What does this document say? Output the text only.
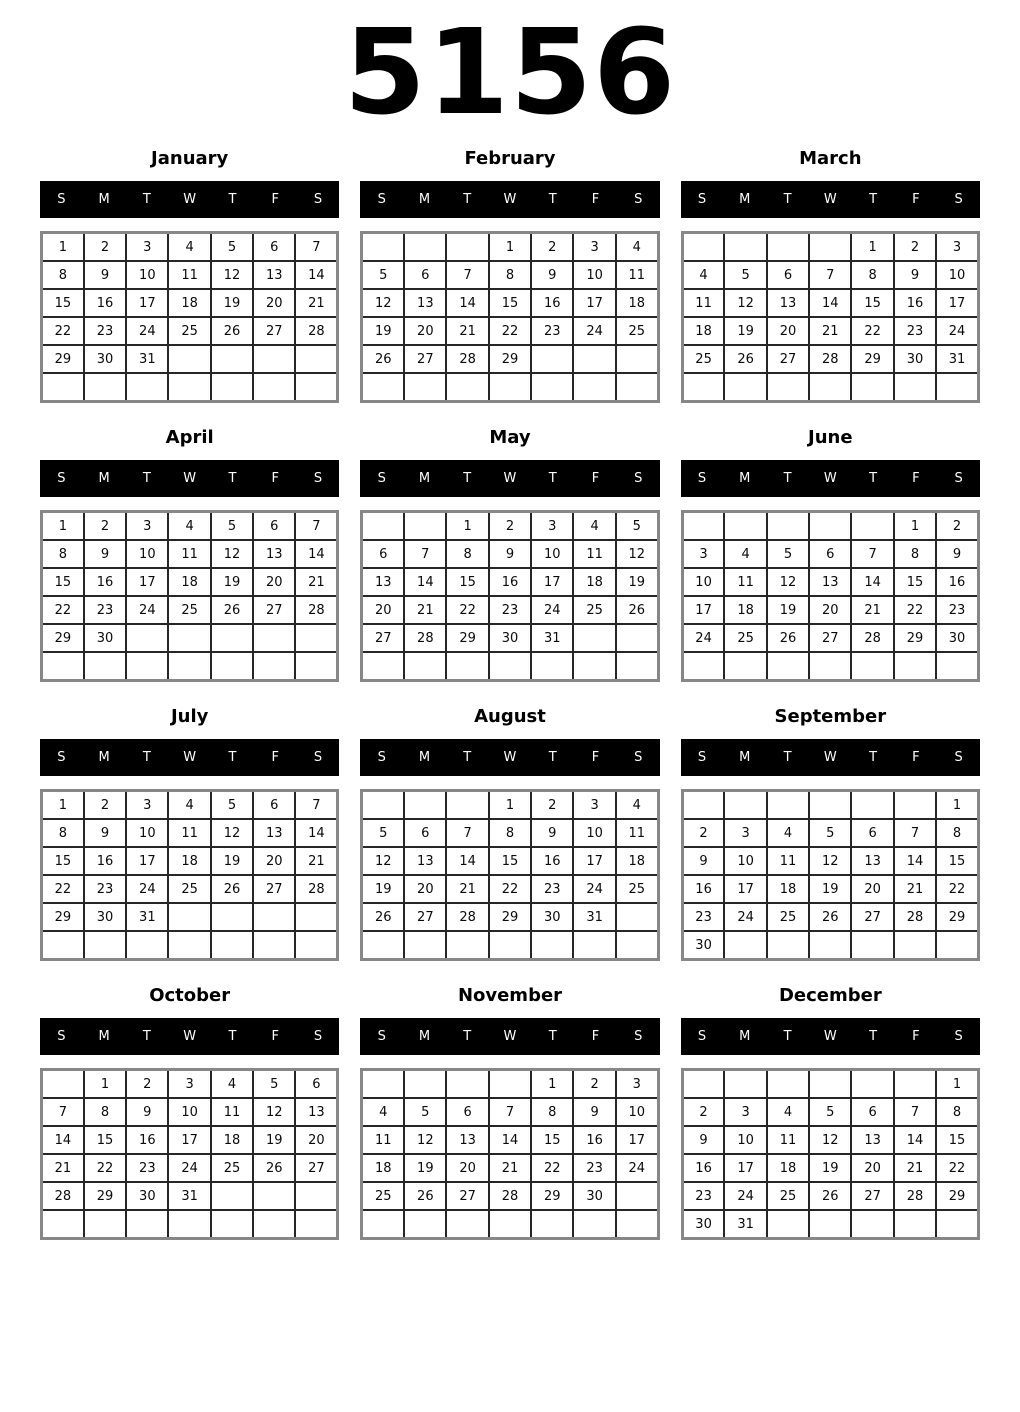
5156
January
S	M	T	W	T	F	S
1	2	3	4	5	6	7
8	9	10	11	12	13	14
15	16	17	18	19	20	21
22	23	24	25	26	27	28
29	30	31				

February
S	M	T	W	T	F	S
			1	2	3	4
5	6	7	8	9	10	11
12	13	14	15	16	17	18
19	20	21	22	23	24	25
26	27	28	29			

March
S	M	T	W	T	F	S
				1	2	3
4	5	6	7	8	9	10
11	12	13	14	15	16	17
18	19	20	21	22	23	24
25	26	27	28	29	30	31

April
S	M	T	W	T	F	S
1	2	3	4	5	6	7
8	9	10	11	12	13	14
15	16	17	18	19	20	21
22	23	24	25	26	27	28
29	30					

May
S	M	T	W	T	F	S
		1	2	3	4	5
6	7	8	9	10	11	12
13	14	15	16	17	18	19
20	21	22	23	24	25	26
27	28	29	30	31		

June
S	M	T	W	T	F	S
					1	2
3	4	5	6	7	8	9
10	11	12	13	14	15	16
17	18	19	20	21	22	23
24	25	26	27	28	29	30

July
S	M	T	W	T	F	S
1	2	3	4	5	6	7
8	9	10	11	12	13	14
15	16	17	18	19	20	21
22	23	24	25	26	27	28
29	30	31				

August
S	M	T	W	T	F	S
			1	2	3	4
5	6	7	8	9	10	11
12	13	14	15	16	17	18
19	20	21	22	23	24	25
26	27	28	29	30	31	

September
S	M	T	W	T	F	S
						1
2	3	4	5	6	7	8
9	10	11	12	13	14	15
16	17	18	19	20	21	22
23	24	25	26	27	28	29
30						
October
S	M	T	W	T	F	S
	1	2	3	4	5	6
7	8	9	10	11	12	13
14	15	16	17	18	19	20
21	22	23	24	25	26	27
28	29	30	31			

November
S	M	T	W	T	F	S
				1	2	3
4	5	6	7	8	9	10
11	12	13	14	15	16	17
18	19	20	21	22	23	24
25	26	27	28	29	30	

December
S	M	T	W	T	F	S
						1
2	3	4	5	6	7	8
9	10	11	12	13	14	15
16	17	18	19	20	21	22
23	24	25	26	27	28	29
30	31					
